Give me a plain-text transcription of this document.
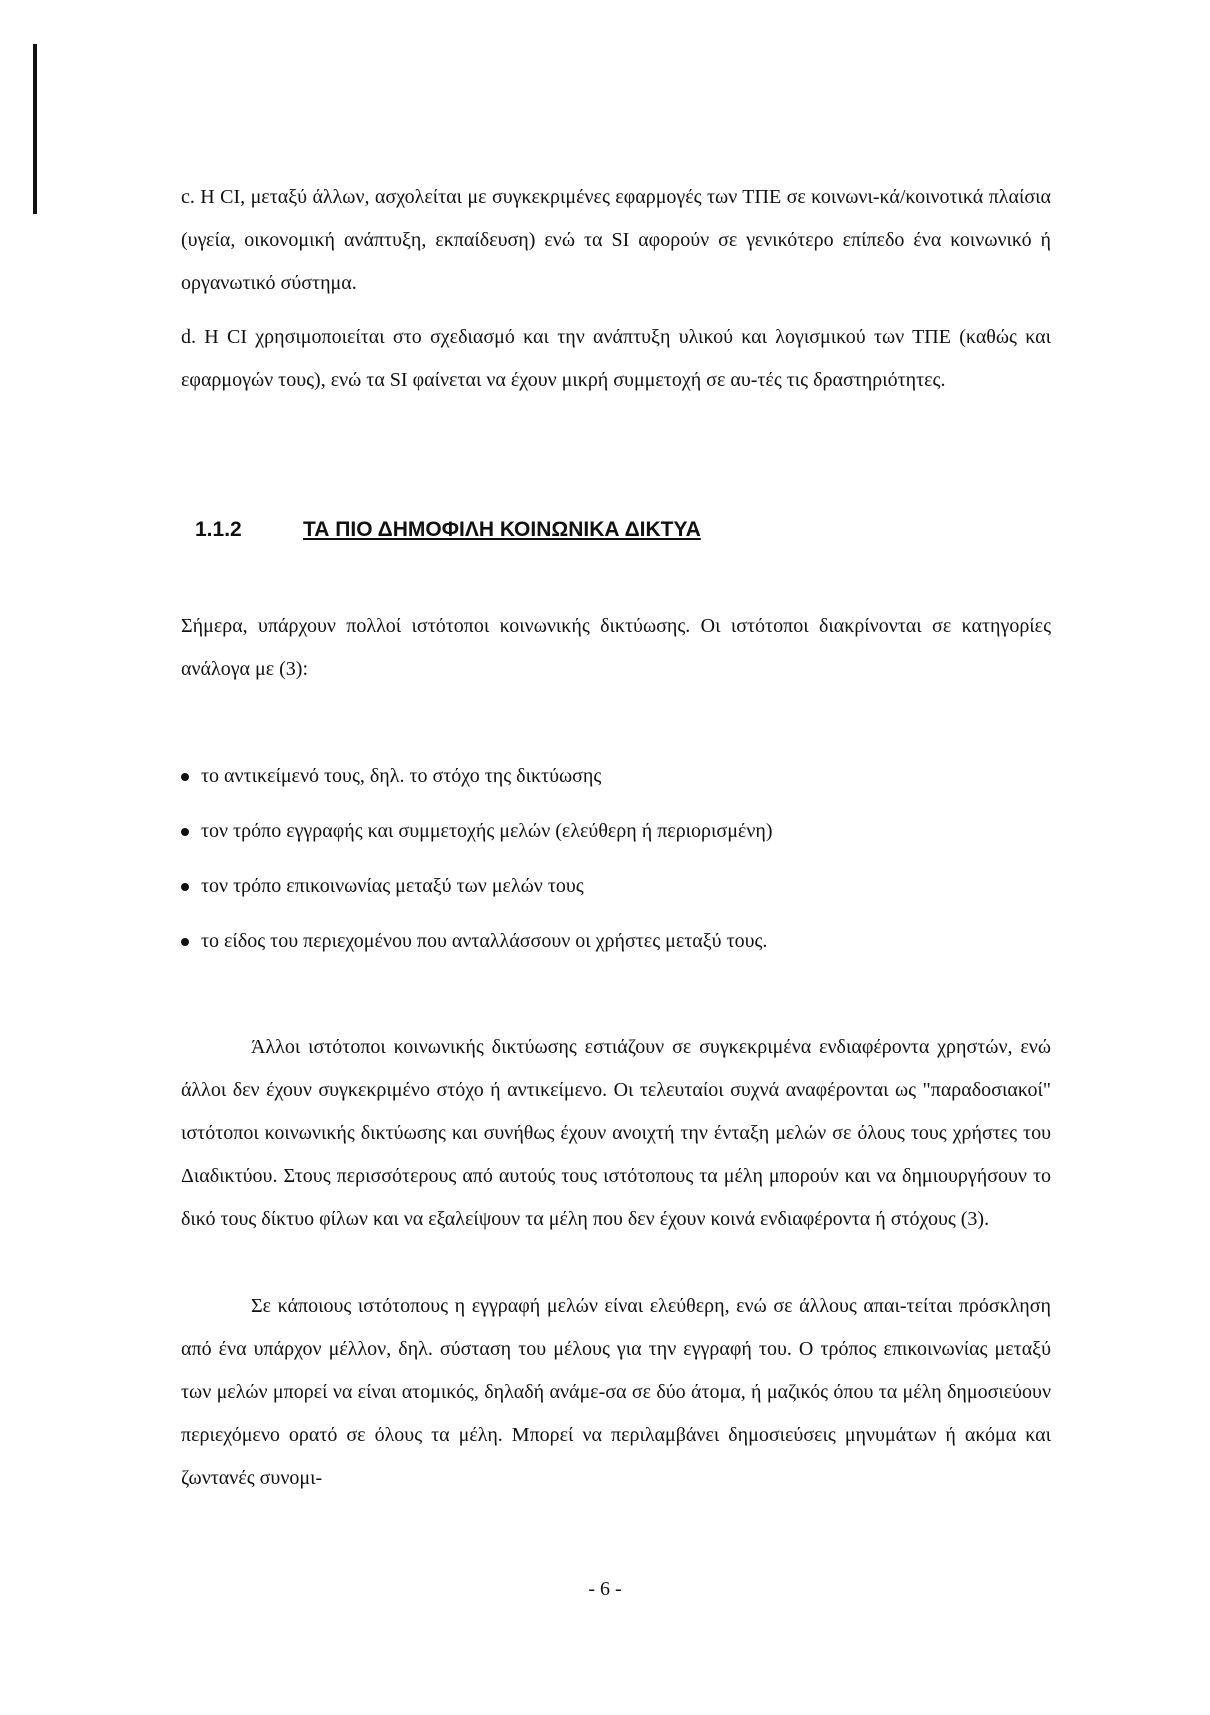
c. Η CI, μεταξύ άλλων, ασχολείται με συγκεκριμένες εφαρμογές των ΤΠΕ σε κοινωνι-κά/κοινοτικά πλαίσια (υγεία, οικονομική ανάπτυξη, εκπαίδευση) ενώ τα SI αφορούν σε γενικότερο επίπεδο ένα κοινωνικό ή οργανωτικό σύστημα.

d. Η CI χρησιμοποιείται στο σχεδιασμό και την ανάπτυξη υλικού και λογισμικού των ΤΠΕ (καθώς και εφαρμογών τους), ενώ τα SI φαίνεται να έχουν μικρή συμμετοχή σε αυ-τές τις δραστηριότητες.

1.1.2	ΤΑ ΠΙΟ ΔΗΜΟΦΙΛΗ ΚΟΙΝΩΝΙΚΑ ΔΙΚΤΥΑ

Σήμερα, υπάρχουν πολλοί ιστότοποι κοινωνικής δικτύωσης. Οι ιστότοποι διακρίνονται σε κατηγορίες ανάλογα με (3):

το αντικείμενό τους, δηλ. το στόχο της δικτύωσης
τον τρόπο εγγραφής και συμμετοχής μελών (ελεύθερη ή περιορισμένη)
τον τρόπο επικοινωνίας μεταξύ των μελών τους
το είδος του περιεχομένου που ανταλλάσσουν οι χρήστες μεταξύ τους.

Άλλοι ιστότοποι κοινωνικής δικτύωσης εστιάζουν σε συγκεκριμένα ενδιαφέροντα χρηστών, ενώ άλλοι δεν έχουν συγκεκριμένο στόχο ή αντικείμενο. Οι τελευταίοι συχνά αναφέρονται ως "παραδοσιακοί" ιστότοποι κοινωνικής δικτύωσης και συνήθως έχουν ανοιχτή την ένταξη μελών σε όλους τους χρήστες του Διαδικτύου. Στους περισσότερους από αυτούς τους ιστότοπους τα μέλη μπορούν και να δημιουργήσουν το δικό τους δίκτυο φίλων και να εξαλείψουν τα μέλη που δεν έχουν κοινά ενδιαφέροντα ή στόχους (3).

Σε κάποιους ιστότοπους η εγγραφή μελών είναι ελεύθερη, ενώ σε άλλους απαι-τείται πρόσκληση από ένα υπάρχον μέλλον, δηλ. σύσταση του μέλους για την εγγραφή του. Ο τρόπος επικοινωνίας μεταξύ των μελών μπορεί να είναι ατομικός, δηλαδή ανάμε-σα σε δύο άτομα, ή μαζικός όπου τα μέλη δημοσιεύουν περιεχόμενο ορατό σε όλους τα μέλη. Μπορεί να περιλαμβάνει δημοσιεύσεις μηνυμάτων ή ακόμα και ζωντανές συνομι-

- 6 -
